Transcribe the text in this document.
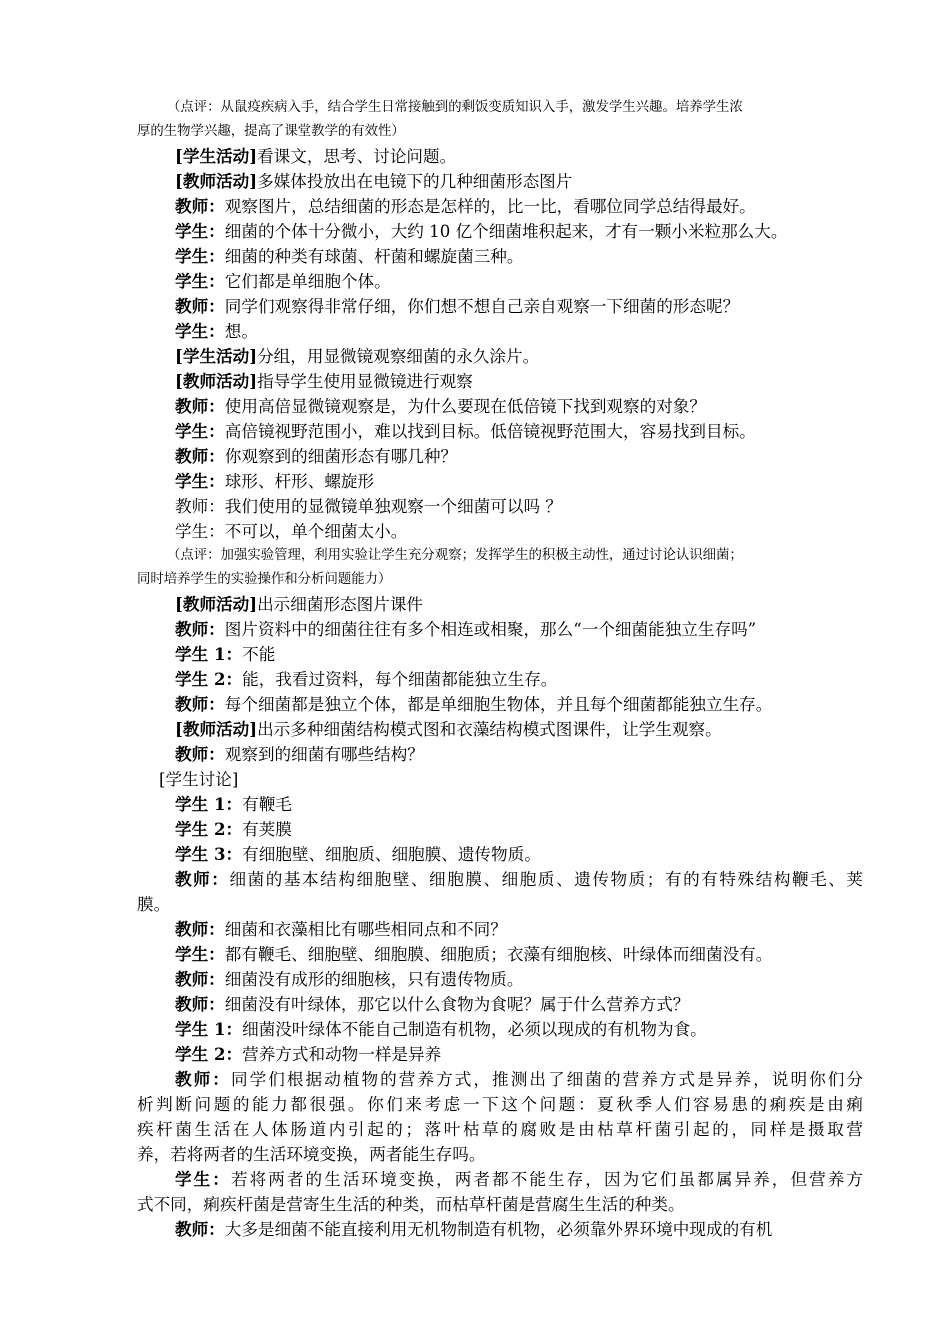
（点评：从鼠疫疾病入手，结合学生日常接触到的剩饭变质知识入手，激发学生兴趣。培养学生浓
厚的生物学兴趣，提高了课堂教学的有效性）
[学生活动]看课文，思考、讨论问题。
[教师活动]多媒体投放出在电镜下的几种细菌形态图片
教师：观察图片，总结细菌的形态是怎样的，比一比，看哪位同学总结得最好。
学生：细菌的个体十分微小，大约 10 亿个细菌堆积起来，才有一颗小米粒那么大。
学生：细菌的种类有球菌、杆菌和螺旋菌三种。
学生：它们都是单细胞个体。
教师：同学们观察得非常仔细，你们想不想自己亲自观察一下细菌的形态呢？
学生：想。
[学生活动]分组，用显微镜观察细菌的永久涂片。
[教师活动]指导学生使用显微镜进行观察
教师：使用高倍显微镜观察是，为什么要现在低倍镜下找到观察的对象？
学生：高倍镜视野范围小，难以找到目标。低倍镜视野范围大，容易找到目标。
教师：你观察到的细菌形态有哪几种？
学生：球形、杆形、螺旋形
教师：我们使用的显微镜单独观察一个细菌可以吗 ？
学生：不可以，单个细菌太小。
（点评：加强实验管理，利用实验让学生充分观察；发挥学生的积极主动性，通过讨论认识细菌；
同时培养学生的实验操作和分析问题能力）
[教师活动]出示细菌形态图片课件
教师：图片资料中的细菌往往有多个相连或相聚，那么“一个细菌能独立生存吗”
学生 1：不能
学生 2：能，我看过资料，每个细菌都能独立生存。
教师：每个细菌都是独立个体，都是单细胞生物体，并且每个细菌都能独立生存。
[教师活动]出示多种细菌结构模式图和衣藻结构模式图课件，让学生观察。
教师：观察到的细菌有哪些结构？
[学生讨论]
学生 1：有鞭毛
学生 2：有荚膜
学生 3：有细胞壁、细胞质、细胞膜、遗传物质。
教师：细菌的基本结构细胞壁、细胞膜、细胞质、遗传物质；有的有特殊结构鞭毛、荚
膜。
教师：细菌和衣藻相比有哪些相同点和不同？
学生：都有鞭毛、细胞壁、细胞膜、细胞质；衣藻有细胞核、叶绿体而细菌没有。
教师：细菌没有成形的细胞核，只有遗传物质。
教师：细菌没有叶绿体，那它以什么食物为食呢？属于什么营养方式？
学生 1：细菌没叶绿体不能自己制造有机物，必须以现成的有机物为食。
学生 2：营养方式和动物一样是异养
教师：同学们根据动植物的营养方式，推测出了细菌的营养方式是异养，说明你们分
析判断问题的能力都很强。你们来考虑一下这个问题：夏秋季人们容易患的痢疾是由痢
疾杆菌生活在人体肠道内引起的；落叶枯草的腐败是由枯草杆菌引起的，同样是摄取营
养，若将两者的生活环境变换，两者能生存吗。
学生：若将两者的生活环境变换，两者都不能生存，因为它们虽都属异养，但营养方
式不同，痢疾杆菌是营寄生生活的种类，而枯草杆菌是营腐生生活的种类。
教师：大多是细菌不能直接利用无机物制造有机物，必须靠外界环境中现成的有机
